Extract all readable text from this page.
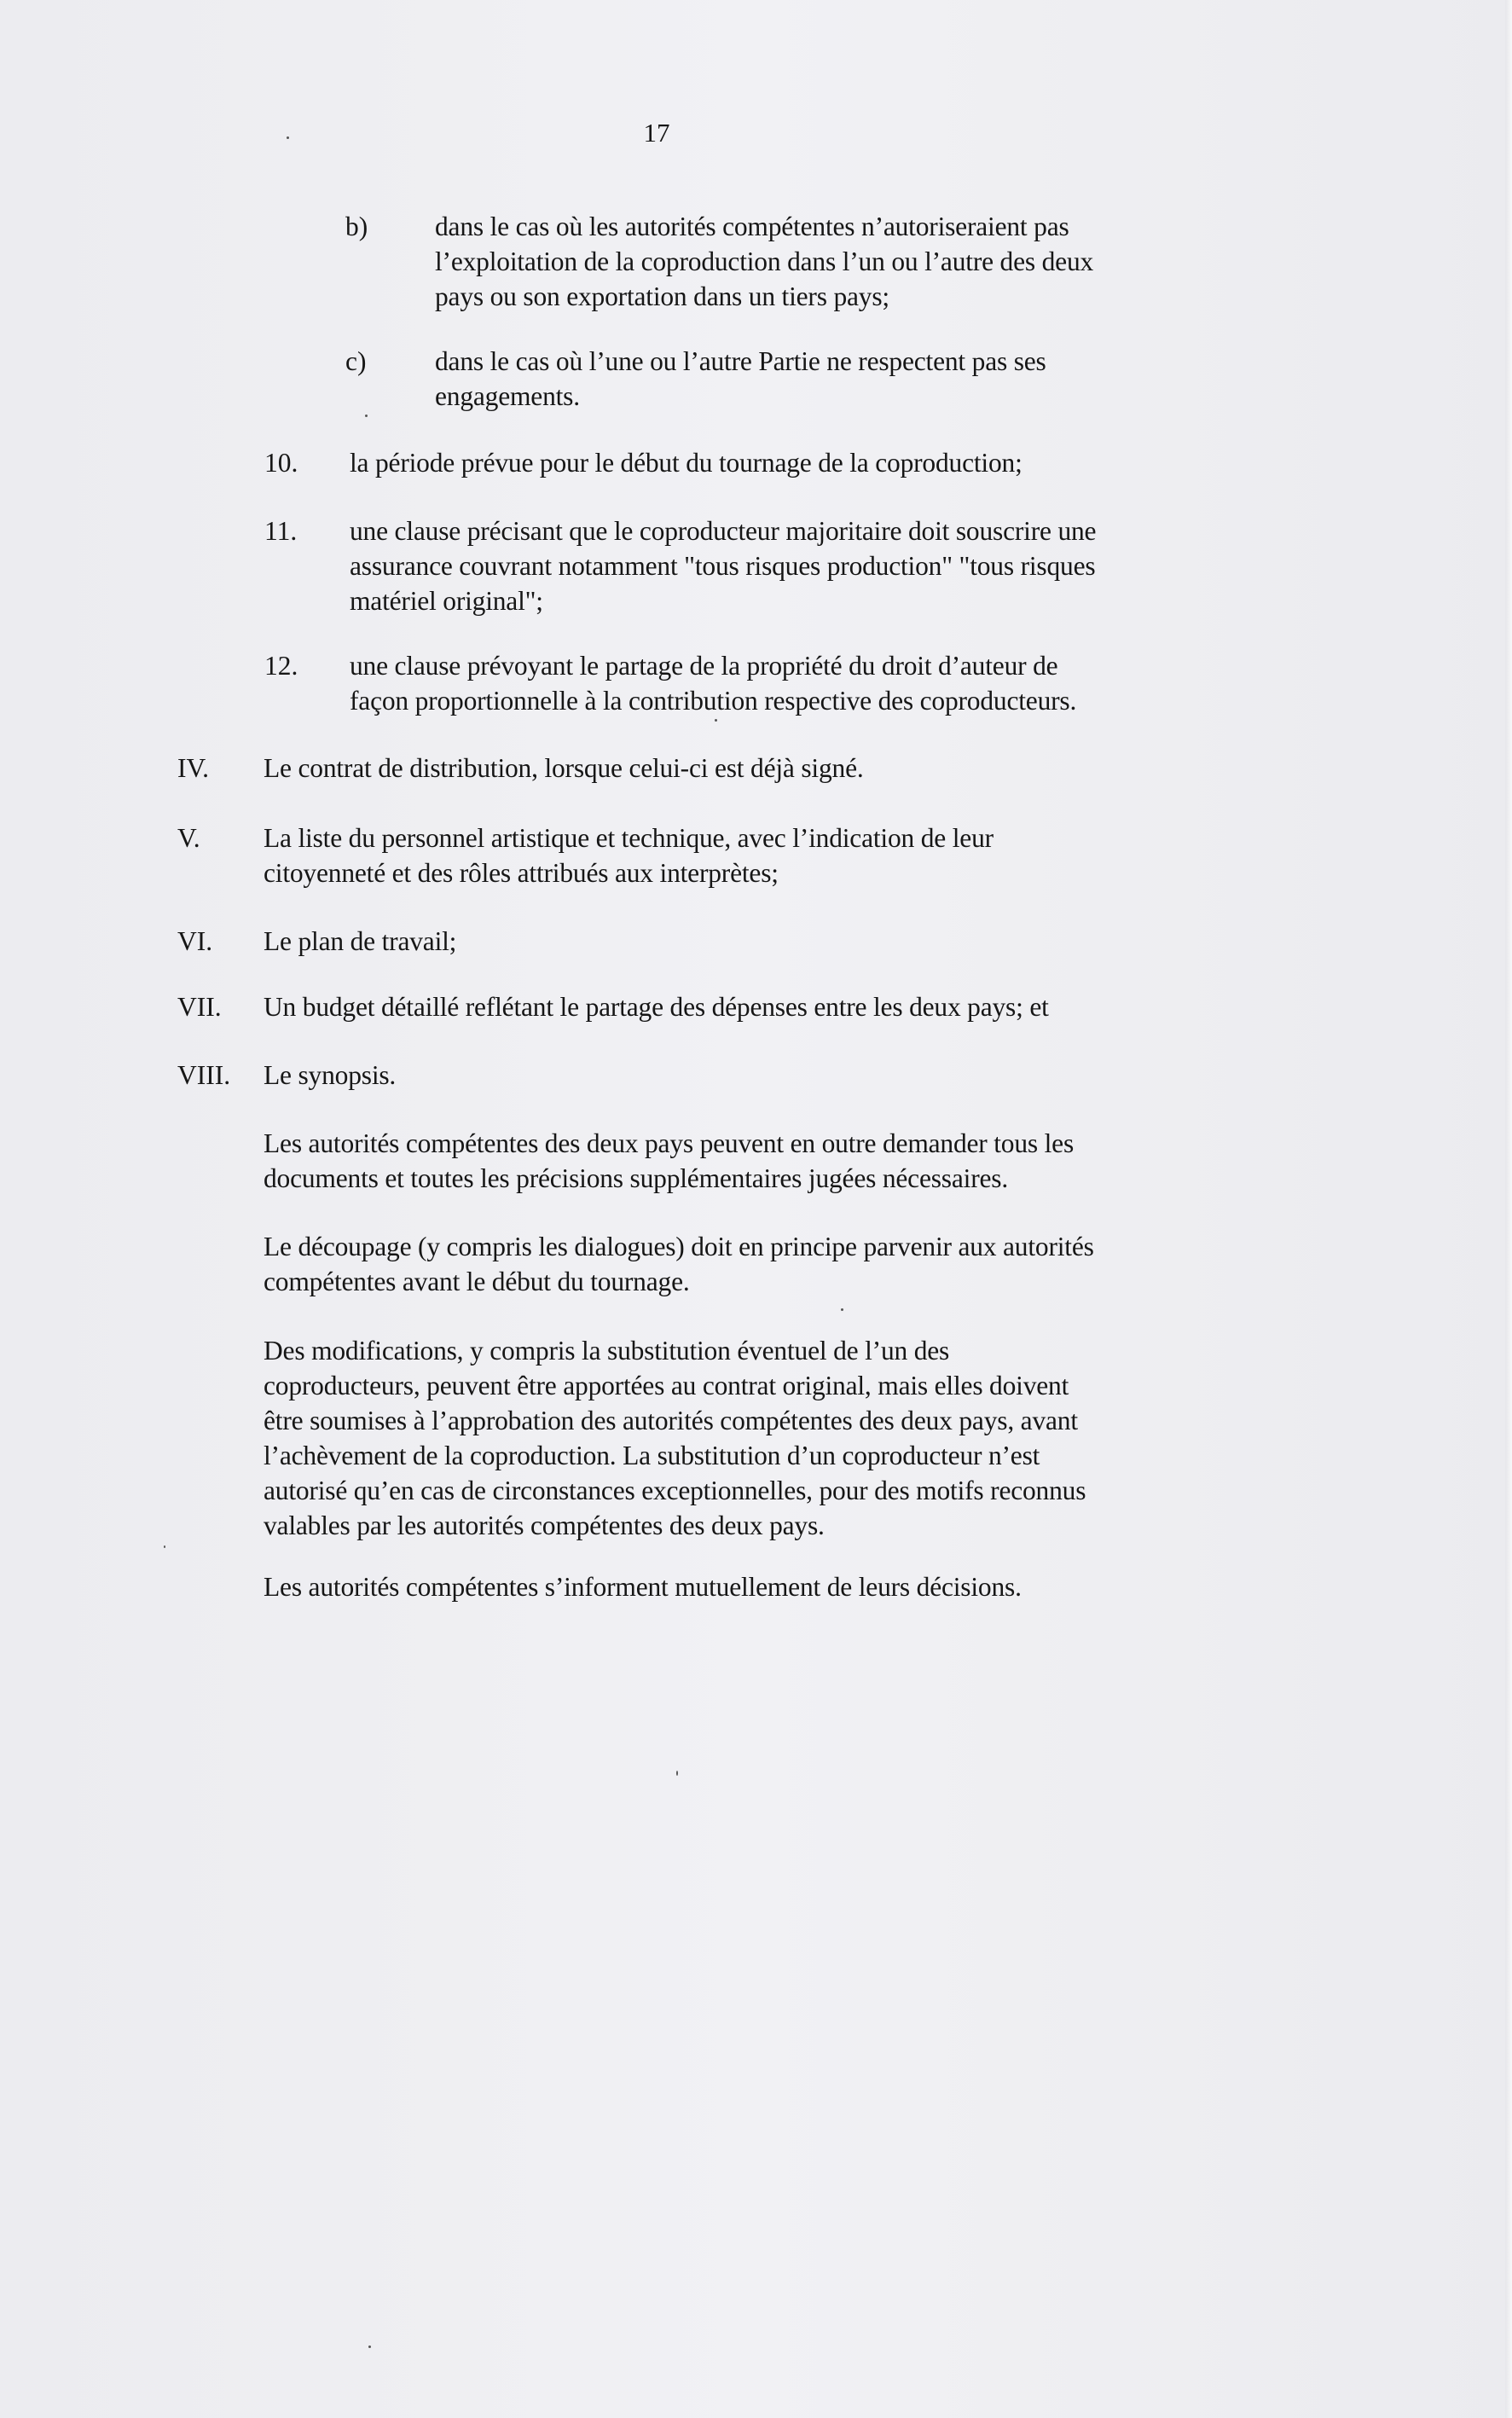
17
b)	dans le cas où les autorités compétentes n’autoriseraient pas
l’exploitation de la coproduction dans l’un ou l’autre des deux
pays ou son exportation dans un tiers pays;
c)	dans le cas où l’une ou l’autre Partie ne respectent pas ses
engagements.
10. la période prévue pour le début du tournage de la coproduction;
11. une clause précisant que le coproducteur majoritaire doit souscrire une
assurance couvrant notamment "tous risques production" "tous risques
matériel original";
12. une clause prévoyant le partage de la propriété du droit d’auteur de
façon proportionnelle à la contribution respective des coproducteurs.
IV. Le contrat de distribution, lorsque celui-ci est déjà signé.
V. La liste du personnel artistique et technique, avec l’indication de leur
citoyenneté et des rôles attribués aux interprètes;
VI. Le plan de travail;
VII. Un budget détaillé reflétant le partage des dépenses entre les deux pays; et
VIII. Le synopsis.
Les autorités compétentes des deux pays peuvent en outre demander tous les
documents et toutes les précisions supplémentaires jugées nécessaires.
Le découpage (y compris les dialogues) doit en principe parvenir aux autorités
compétentes avant le début du tournage.
Des modifications, y compris la substitution éventuel de l’un des
coproducteurs, peuvent être apportées au contrat original, mais elles doivent
être soumises à l’approbation des autorités compétentes des deux pays, avant
l’achèvement de la coproduction. La substitution d’un coproducteur n’est
autorisé qu’en cas de circonstances exceptionnelles, pour des motifs reconnus
valables par les autorités compétentes des deux pays.
Les autorités compétentes s’informent mutuellement de leurs décisions.
